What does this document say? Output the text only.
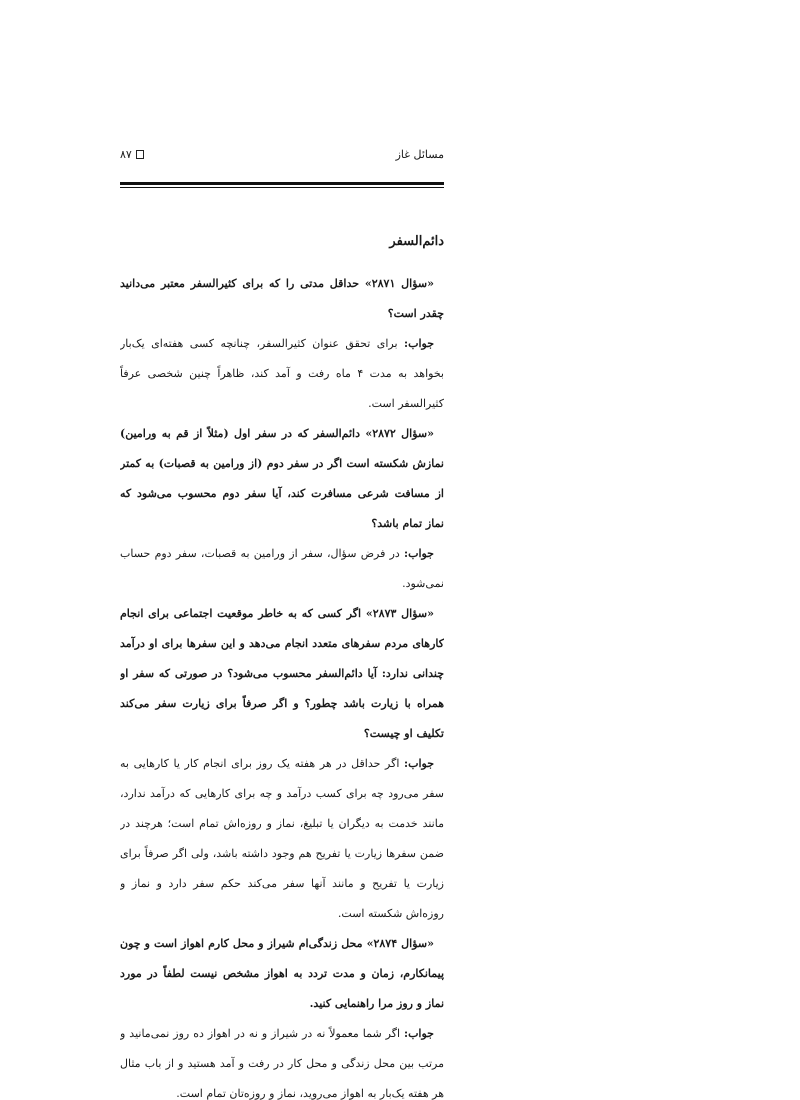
مسائل غاز
۸۷
دائم‌السفر

«سؤال ۲۸۷۱» حداقل مدتی را که برای کثیرالسفر معتبر می‌دانید چقدر است؟

جواب: برای تحقق عنوان کثیرالسفر، چنانچه کسی هفته‌ای یک‌بار بخواهد به مدت ۴ ماه رفت و آمد کند، ظاهراً چنین شخصی عرفاً کثیرالسفر است.

«سؤال ۲۸۷۲» دائم‌السفر که در سفر اول (مثلاً از قم به ورامین) نمازش شکسته است اگر در سفر دوم (از ورامین به قصبات) به کمتر از مسافت شرعی مسافرت کند، آیا سفر دوم محسوب می‌شود که نماز تمام باشد؟

جواب: در فرض سؤال، سفر از ورامین به قصبات، سفر دوم حساب نمی‌شود.

«سؤال ۲۸۷۳» اگر کسی که به خاطر موقعیت اجتماعی برای انجام کارهای مردم سفرهای متعدد انجام می‌دهد و این سفرها برای او درآمد چندانی ندارد: آیا دائم‌السفر محسوب می‌شود؟ در صورتی که سفر او همراه با زیارت باشد چطور؟ و اگر صرفاً برای زیارت سفر می‌کند تکلیف او چیست؟

جواب: اگر حداقل در هر هفته یک روز برای انجام کار یا کارهایی به سفر می‌رود چه برای کسب درآمد و چه برای کارهایی که درآمد ندارد، مانند خدمت به دیگران یا تبلیغ، نماز و روزه‌اش تمام است؛ هرچند در ضمن سفرها زیارت یا تفریح هم وجود داشته باشد، ولی اگر صرفاً برای زیارت یا تفریح و مانند آنها سفر می‌کند حکم سفر دارد و نماز و روزه‌اش شکسته است.

«سؤال ۲۸۷۴» محل زندگی‌ام شیراز و محل کارم اهواز است و چون پیمانکارم، زمان و مدت تردد به اهواز مشخص نیست لطفاً در مورد نماز و روز مرا راهنمایی کنید.

جواب: اگر شما معمولاً نه در شیراز و نه در اهواز ده روز نمی‌مانید و مرتب بین محل زندگی و محل کار در رفت و آمد هستید و از باب مثال هر هفته یک‌بار به اهواز می‌روید، نماز و روزه‌تان تمام است.
